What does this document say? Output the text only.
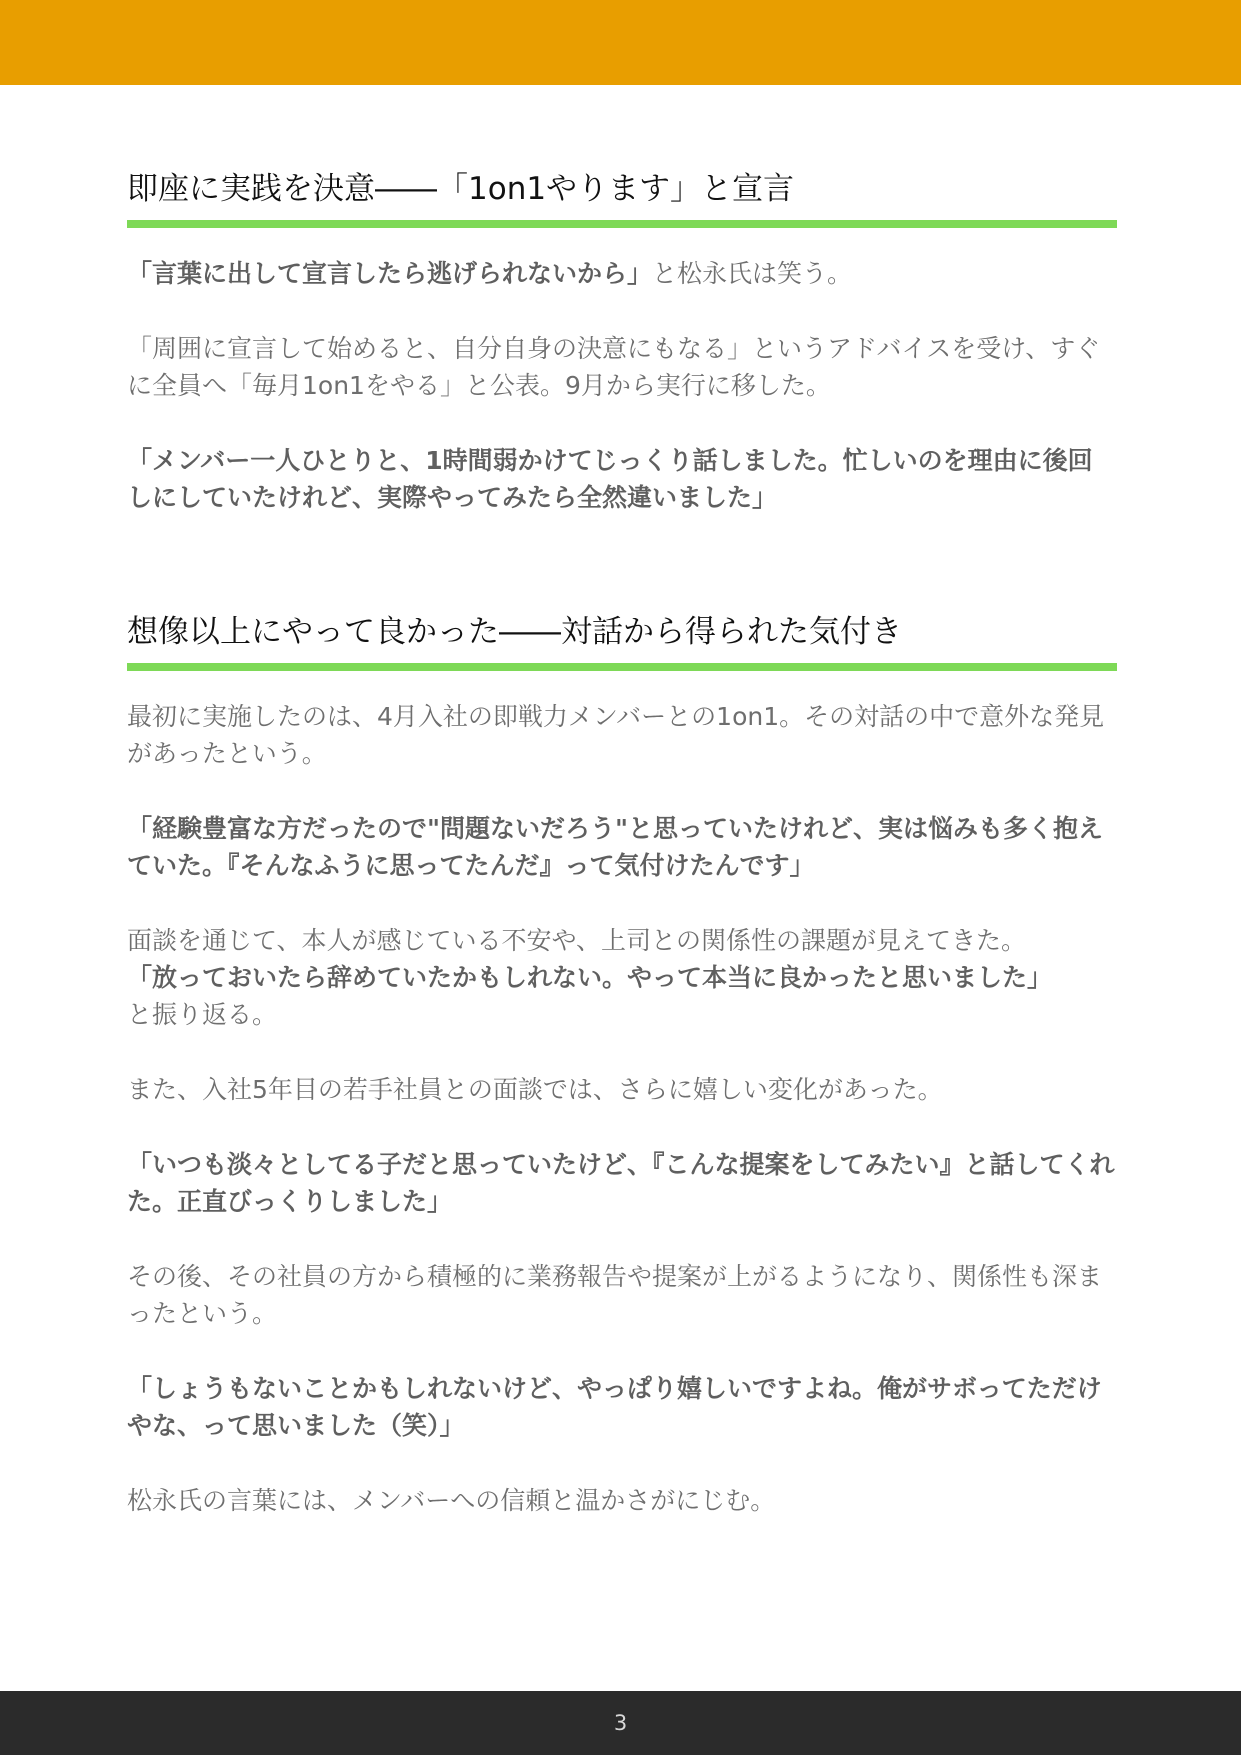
即座に実践を決意――「1on1やります」と宣言

「言葉に出して宣言したら逃げられないから」と松永氏は笑う。

「周囲に宣言して始めると、自分自身の決意にもなる」というアドバイスを受け、すぐに全員へ「毎月1on1をやる」と公表。9月から実行に移した。

「メンバー一人ひとりと、1時間弱かけてじっくり話しました。忙しいのを理由に後回しにしていたけれど、実際やってみたら全然違いました」

想像以上にやって良かった――対話から得られた気付き

最初に実施したのは、4月入社の即戦力メンバーとの1on1。その対話の中で意外な発見があったという。

「経験豊富な方だったので"問題ないだろう"と思っていたけれど、実は悩みも多く抱えていた。『そんなふうに思ってたんだ』って気付けたんです」

面談を通じて、本人が感じている不安や、上司との関係性の課題が見えてきた。
「放っておいたら辞めていたかもしれない。やって本当に良かったと思いました」
と振り返る。

また、入社5年目の若手社員との面談では、さらに嬉しい変化があった。

「いつも淡々としてる子だと思っていたけど、『こんな提案をしてみたい』と話してくれた。正直びっくりしました」

その後、その社員の方から積極的に業務報告や提案が上がるようになり、関係性も深まったという。

「しょうもないことかもしれないけど、やっぱり嬉しいですよね。俺がサボってただけやな、って思いました（笑）」

松永氏の言葉には、メンバーへの信頼と温かさがにじむ。

3
